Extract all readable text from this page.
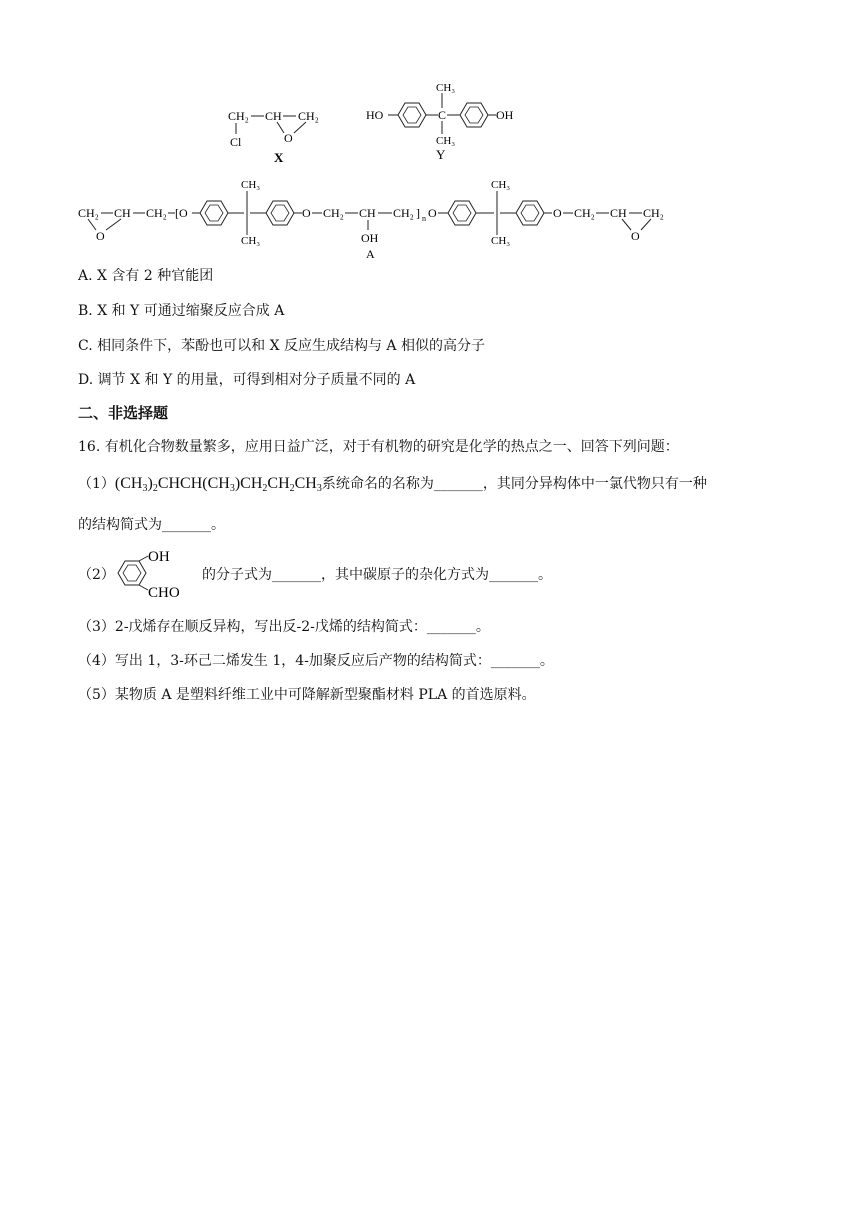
CH₂ CH CH₂
O
Cl
X
HO	C
CH₃
CH₃
OH
Y
CH₂ CH CH₂
O
[O
CH₃
CH₃
O CH₂ CH
OH
A
CH₂ ] n O
CH₃
CH₃
O CH₂ CH CH₂
O
A. X 含有 2 种官能团
B. X 和 Y 可通过缩聚反应合成 A
C. 相同条件下，苯酚也可以和 X 反应生成结构与 A 相似的高分子
D. 调节 X 和 Y 的用量，可得到相对分子质量不同的 A
二、非选择题
16. 有机化合物数量繁多，应用日益广泛，对于有机物的研究是化学的热点之一、回答下列问题：
$(1)(CH_3)_2CHCH(CH_3)CH_2CH_2CH_3$系统命名的名称为_______，其同分异构体中一氯代物只有一种
的结构简式为_______。
（2）
OH
CHO
的分子式为_______，其中碳原子的杂化方式为_______。
（3）2-戊烯存在顺反异构，写出反-2-戊烯的结构简式：_______。
（4）写出 1，3-环己二烯发生 1，4-加聚反应后产物的结构简式：_______。
（5）某物质 A 是塑料纤维工业中可降解新型聚酯材料 PLA 的首选原料。
